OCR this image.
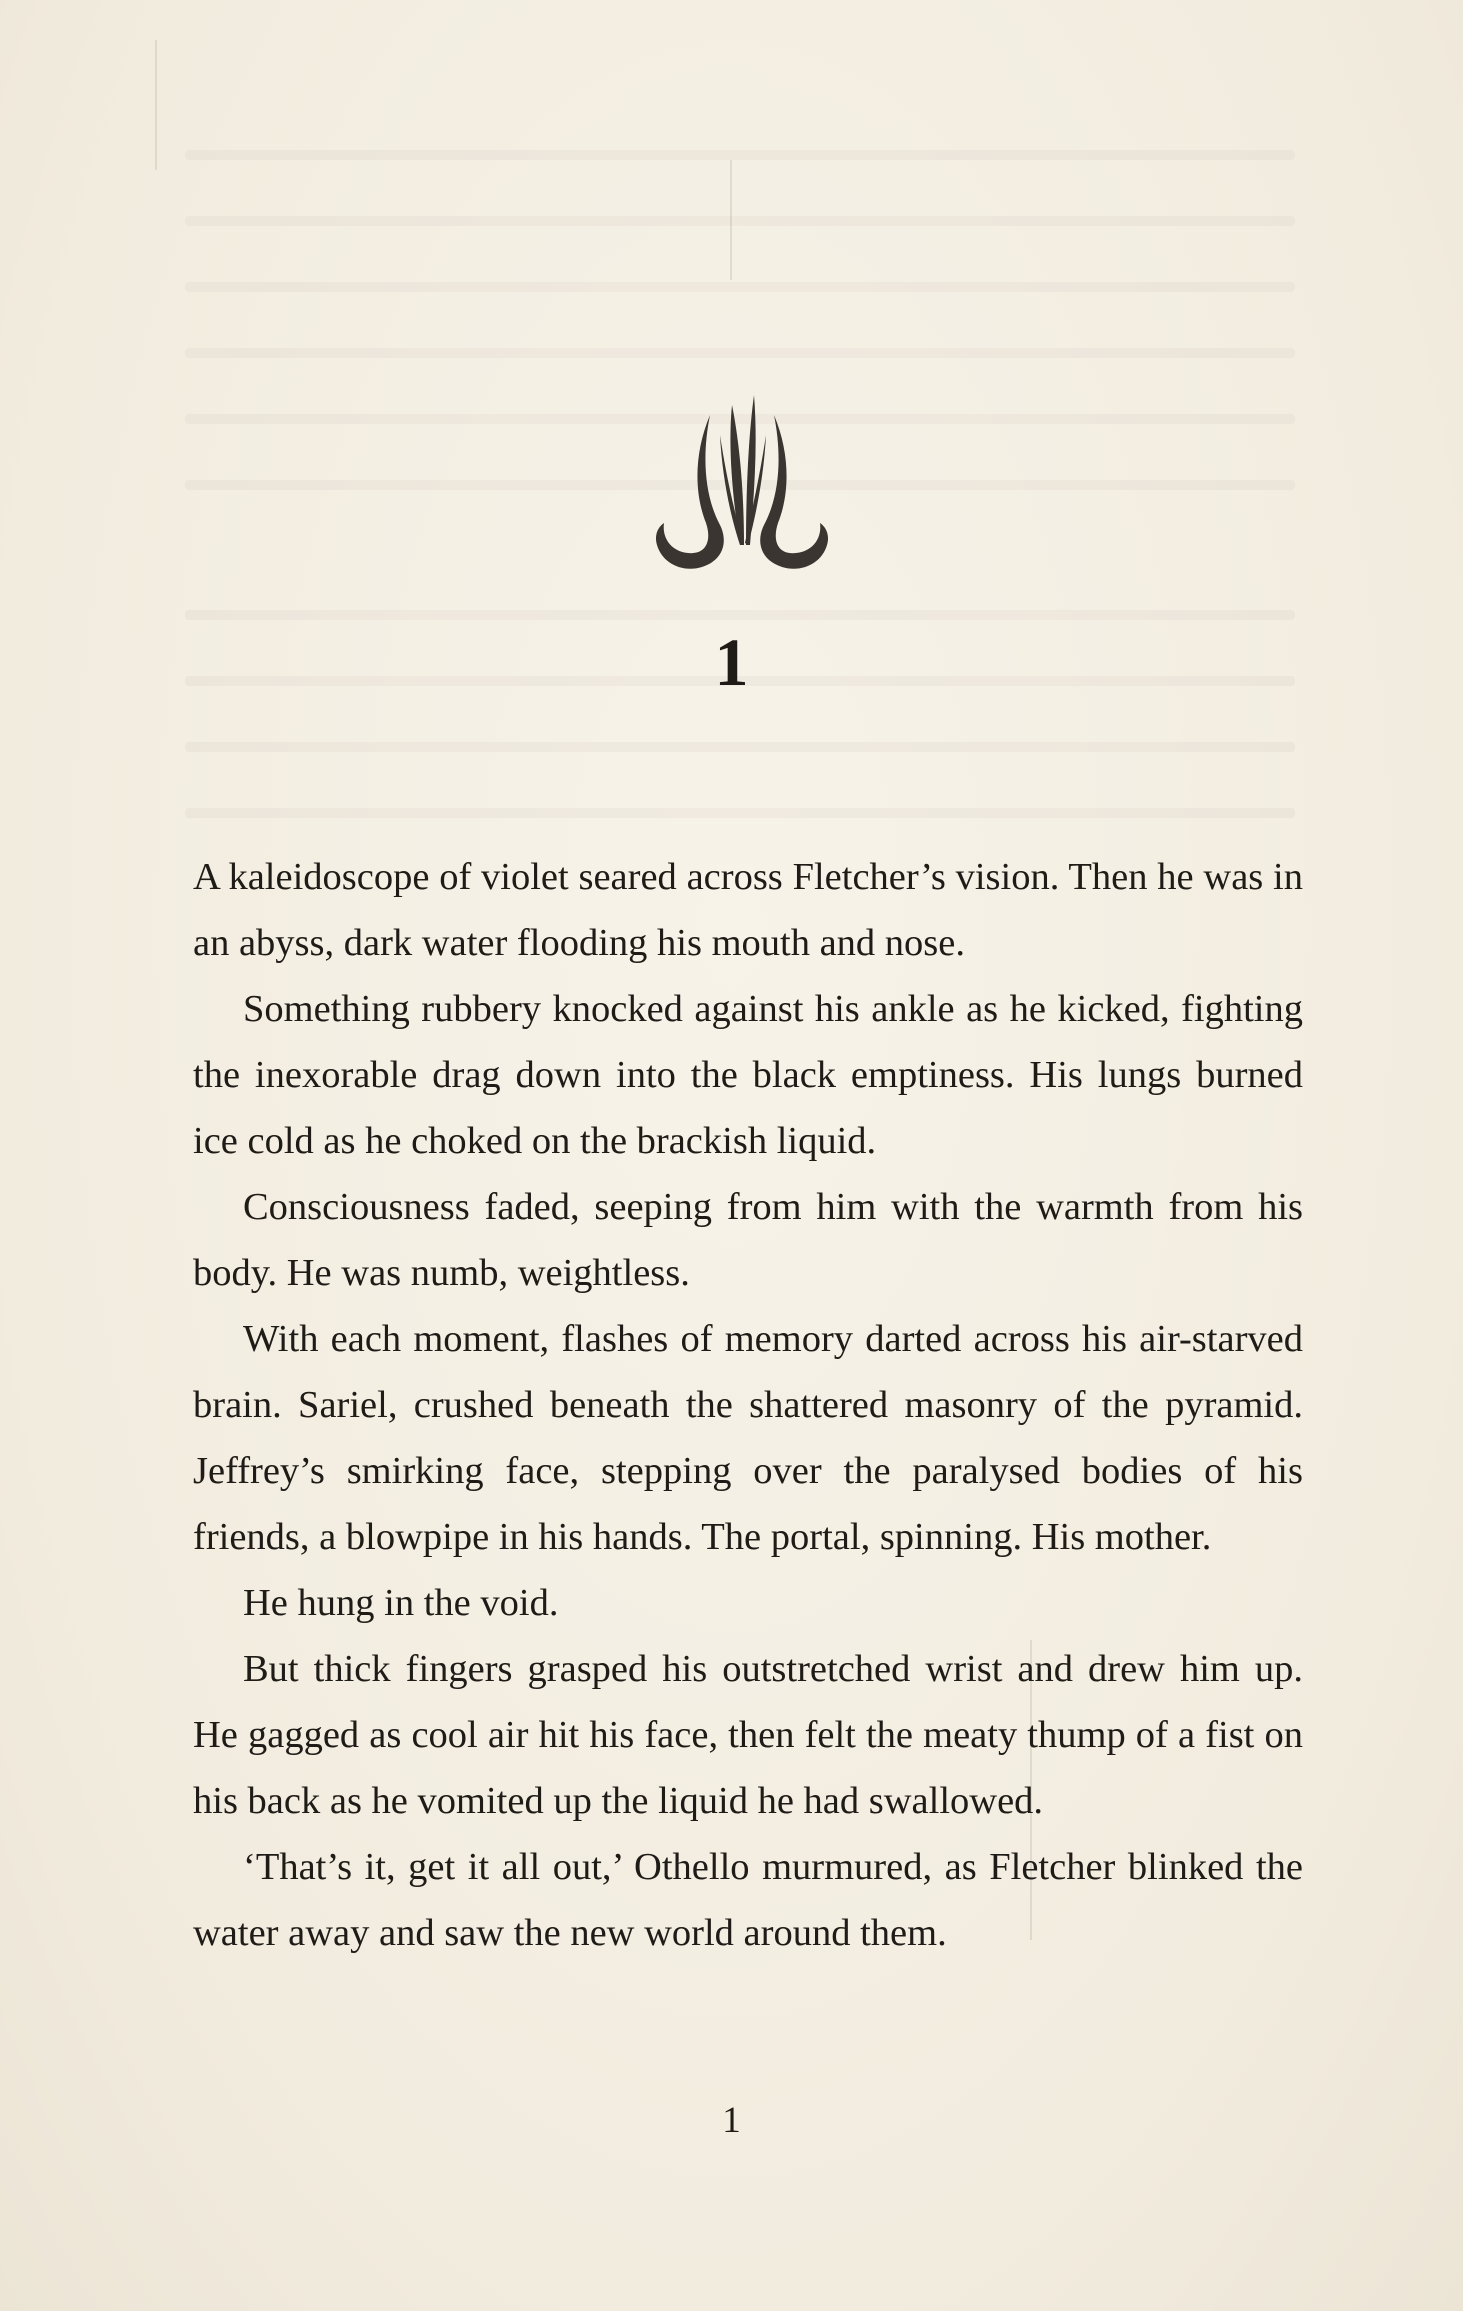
1

A kaleidoscope of violet seared across Fletcher’s vision. Then he was in an abyss, dark water flooding his mouth and nose.

Something rubbery knocked against his ankle as he kicked, fighting the inexorable drag down into the black emptiness. His lungs burned ice cold as he choked on the brackish liquid.

Consciousness faded, seeping from him with the warmth from his body. He was numb, weightless.

With each moment, flashes of memory darted across his air-starved brain. Sariel, crushed beneath the shattered masonry of the pyramid. Jeffrey’s smirking face, stepping over the paralysed bodies of his friends, a blowpipe in his hands. The portal, spinning. His mother.

He hung in the void.

But thick fingers grasped his outstretched wrist and drew him up. He gagged as cool air hit his face, then felt the meaty thump of a fist on his back as he vomited up the liquid he had swallowed.

‘That’s it, get it all out,’ Othello murmured, as Fletcher blinked the water away and saw the new world around them.

1
